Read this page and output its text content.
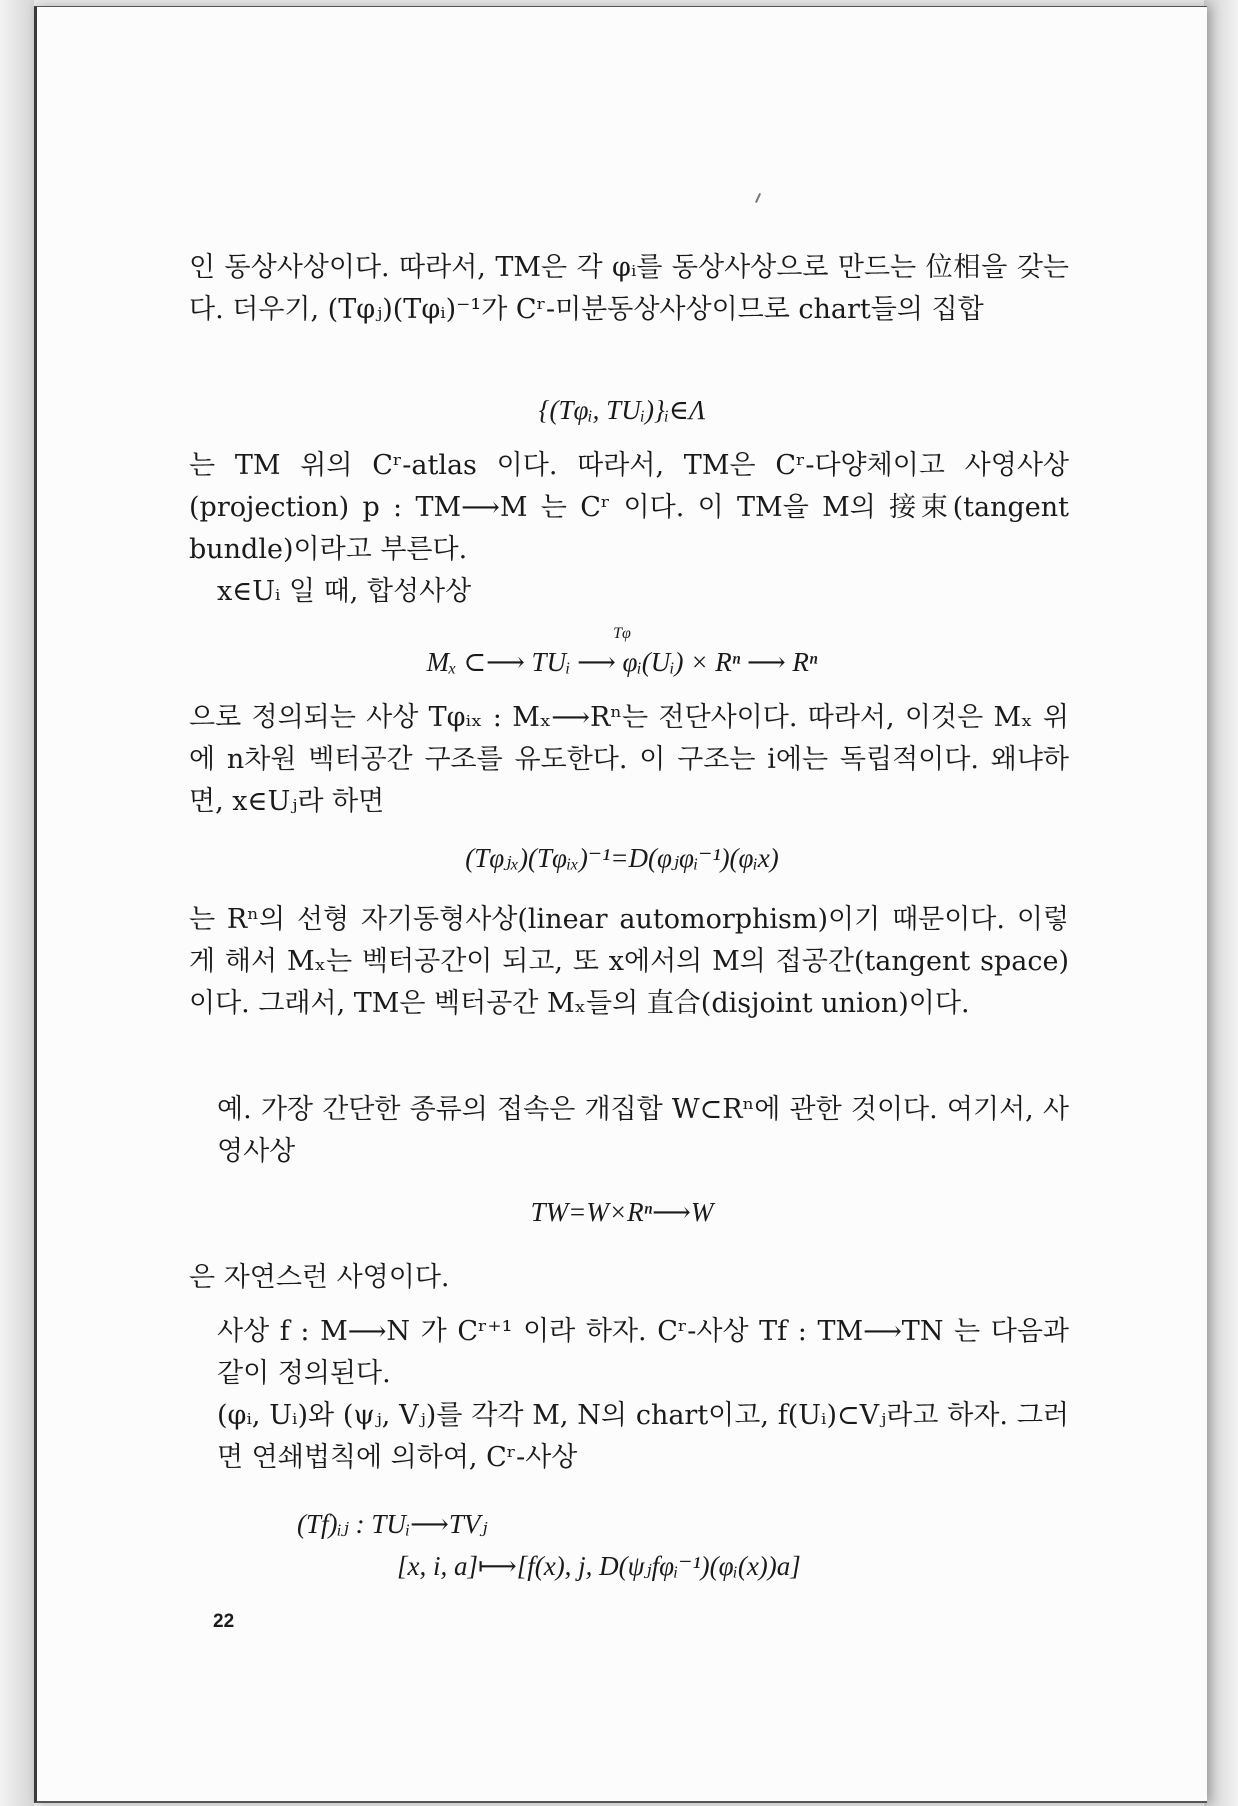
인 동상사상이다. 따라서, TM은 각 φᵢ를 동상사상으로 만드는 位相을 갖는다. 더우기, (Tφⱼ)(Tφᵢ)⁻¹가 Cʳ-미분동상사상이므로 chart들의 집합

{(Tφᵢ, TUᵢ)}ᵢ∈Λ

는 TM 위의 Cʳ-atlas 이다. 따라서, TM은 Cʳ-다양체이고 사영사상 (projection) p : TM⟶M 는 Cʳ 이다. 이 TM을 M의 接束(tangent bundle)이라고 부른다.

x∈Uᵢ 일 때, 합성사상

Tφ
Mₓ ⊂⟶ TUᵢ ⟶ φᵢ(Uᵢ) × Rⁿ ⟶ Rⁿ

으로 정의되는 사상 Tφᵢₓ : Mₓ⟶Rⁿ는 전단사이다. 따라서, 이것은 Mₓ 위에 n차원 벡터공간 구조를 유도한다. 이 구조는 i에는 독립적이다. 왜냐하면, x∈Uⱼ라 하면

(Tφⱼₓ)(Tφᵢₓ)⁻¹=D(φⱼφᵢ⁻¹)(φᵢx)

는 Rⁿ의 선형 자기동형사상(linear automorphism)이기 때문이다. 이렇게 해서 Mₓ는 벡터공간이 되고, 또 x에서의 M의 접공간(tangent space)이다. 그래서, TM은 벡터공간 Mₓ들의 直合(disjoint union)이다.

예. 가장 간단한 종류의 접속은 개집합 W⊂Rⁿ에 관한 것이다. 여기서, 사영사상

TW=W×Rⁿ⟶W

은 자연스런 사영이다.

사상 f : M⟶N 가 Cʳ⁺¹ 이라 하자. Cʳ-사상 Tf : TM⟶TN 는 다음과 같이 정의된다.

(φᵢ, Uᵢ)와 (ψⱼ, Vⱼ)를 각각 M, N의 chart이고, f(Uᵢ)⊂Vⱼ라고 하자. 그러면 연쇄법칙에 의하여, Cʳ-사상

(Tf)ᵢⱼ : TUᵢ⟶TVⱼ
[x, i, a]⟼[f(x), j, D(ψⱼfφᵢ⁻¹)(φᵢ(x))a]
22
